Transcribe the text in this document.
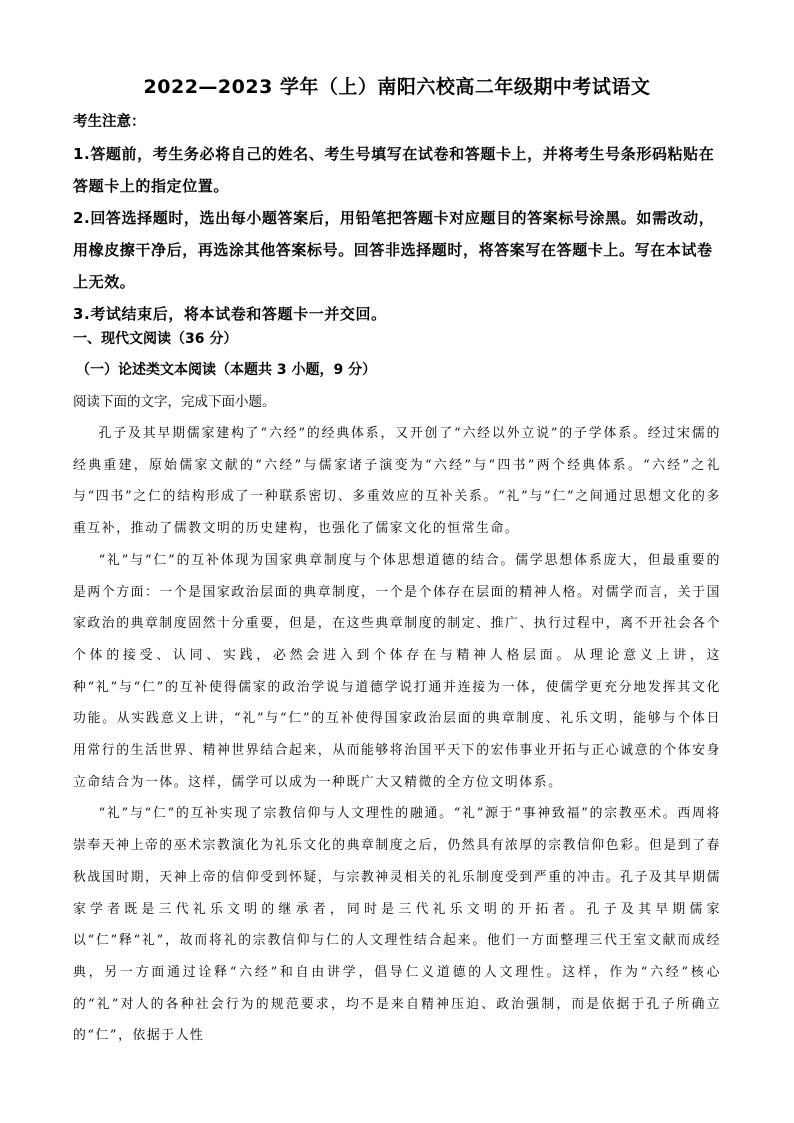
2022—2023 学年（上）南阳六校高二年级期中考试语文
考生注意：

1.答题前，考生务必将自己的姓名、考生号填写在试卷和答题卡上，并将考生号条形码粘贴在答题卡上的指定位置。

2.回答选择题时，选出每小题答案后，用铅笔把答题卡对应题目的答案标号涂黑。如需改动，用橡皮擦干净后，再选涂其他答案标号。回答非选择题时，将答案写在答题卡上。写在本试卷上无效。

3.考试结束后，将本试卷和答题卡一并交回。

一、现代文阅读（36 分）
（一）论述类文本阅读（本题共 3 小题，9 分）
阅读下面的文字，完成下面小题。

孔子及其早期儒家建构了“六经”的经典体系，又开创了“六经以外立说”的子学体系。经过宋儒的经典重建，原始儒家文献的“六经”与儒家诸子演变为“六经”与“四书”两个经典体系。“六经”之礼与“四书”之仁的结构形成了一种联系密切、多重效应的互补关系。“礼”与“仁”之间通过思想文化的多重互补，推动了儒教文明的历史建构，也强化了儒家文化的恒常生命。

“礼”与“仁”的互补体现为国家典章制度与个体思想道德的结合。儒学思想体系庞大，但最重要的是两个方面：一个是国家政治层面的典章制度，一个是个体存在层面的精神人格。对儒学而言，关于国家政治的典章制度固然十分重要，但是，在这些典章制度的制定、推广、执行过程中，离不开社会各个个体的接受、认同、实践，必然会进入到个体存在与精神人格层面。从理论意义上讲，这种“礼”与“仁”的互补使得儒家的政治学说与道德学说打通并连接为一体，使儒学更充分地发挥其文化功能。从实践意义上讲，“礼”与“仁”的互补使得国家政治层面的典章制度、礼乐文明，能够与个体日用常行的生活世界、精神世界结合起来，从而能够将治国平天下的宏伟事业开拓与正心诚意的个体安身立命结合为一体。这样，儒学可以成为一种既广大又精微的全方位文明体系。

“礼”与“仁”的互补实现了宗教信仰与人文理性的融通。“礼”源于“事神致福”的宗教巫术。西周将崇奉天神上帝的巫术宗教演化为礼乐文化的典章制度之后，仍然具有浓厚的宗教信仰色彩。但是到了春秋战国时期，天神上帝的信仰受到怀疑，与宗教神灵相关的礼乐制度受到严重的冲击。孔子及其早期儒家学者既是三代礼乐文明的继承者，同时是三代礼乐文明的开拓者。孔子及其早期儒家以“仁”释“礼”，故而将礼的宗教信仰与仁的人文理性结合起来。他们一方面整理三代王室文献而成经典，另一方面通过诠释“六经”和自由讲学，倡导仁义道德的人文理性。这样，作为“六经”核心的“礼”对人的各种社会行为的规范要求，均不是来自精神压迫、政治强制，而是依据于孔子所确立的“仁”，依据于人性
